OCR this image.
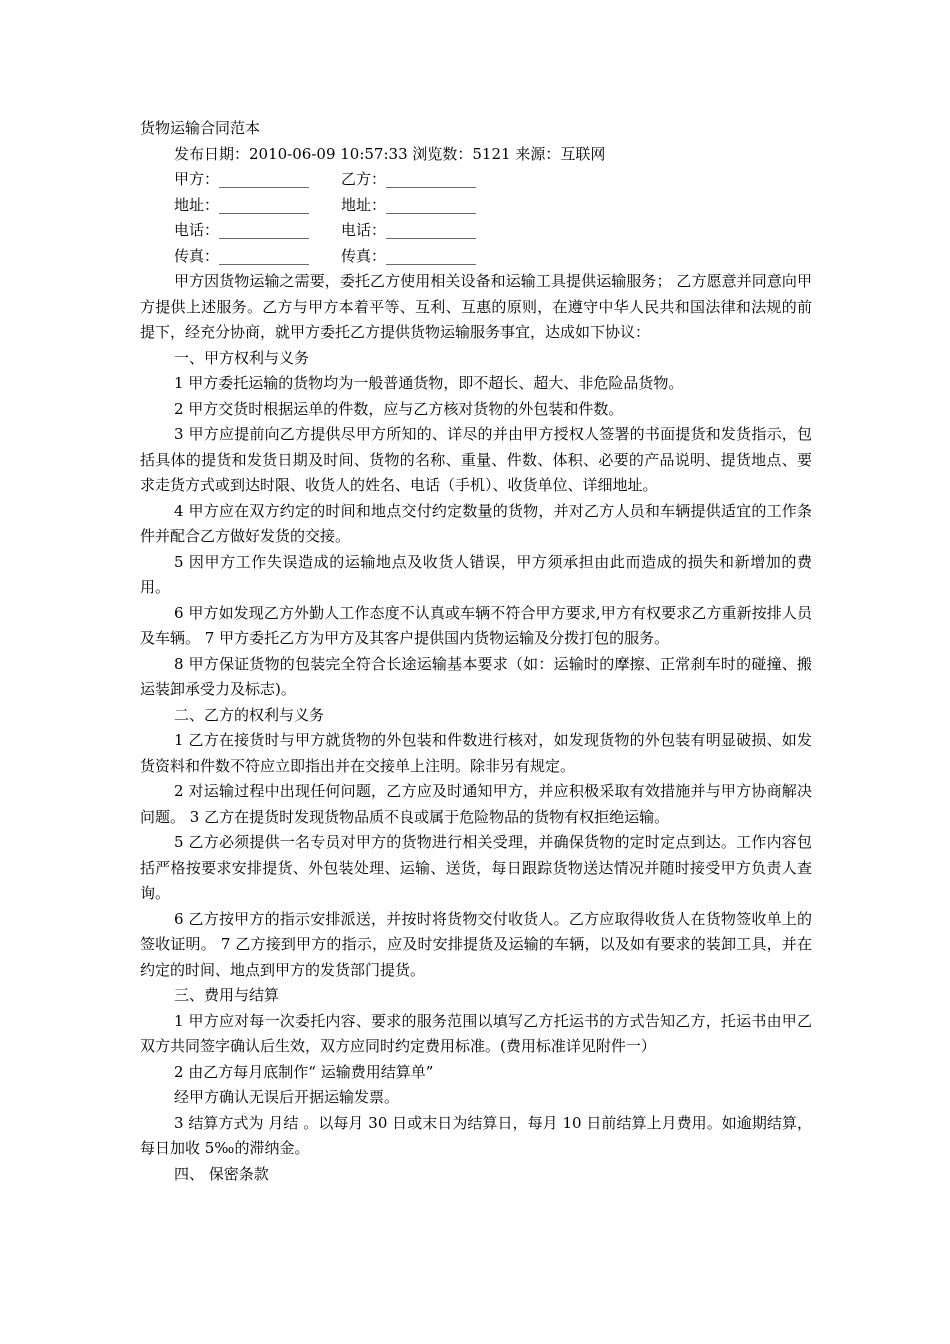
货物运输合同范本
发布日期：2010-06-09 10:57:33 浏览数：5121 来源：互联网
甲方：____________	乙方：____________
地址：____________	地址：____________
电话：____________	电话：____________
传真：____________	传真：____________

甲方因货物运输之需要，委托乙方使用相关设备和运输工具提供运输服务； 乙方愿意并同意向甲方提供上述服务。乙方与甲方本着平等、互利、互惠的原则，在遵守中华人民共和国法律和法规的前提下，经充分协商，就甲方委托乙方提供货物运输服务事宜，达成如下协议：

一、甲方权利与义务

1 甲方委托运输的货物均为一般普通货物，即不超长、超大、非危险品货物。

2 甲方交货时根据运单的件数，应与乙方核对货物的外包装和件数。

3 甲方应提前向乙方提供尽甲方所知的、详尽的并由甲方授权人签署的书面提货和发货指示，包括具体的提货和发货日期及时间、货物的名称、重量、件数、体积、必要的产品说明、提货地点、要求走货方式或到达时限、收货人的姓名、电话（手机）、收货单位、详细地址。

4 甲方应在双方约定的时间和地点交付约定数量的货物，并对乙方人员和车辆提供适宜的工作条件并配合乙方做好发货的交接。

5 因甲方工作失误造成的运输地点及收货人错误，甲方须承担由此而造成的损失和新增加的费用。

6 甲方如发现乙方外勤人工作态度不认真或车辆不符合甲方要求,甲方有权要求乙方重新按排人员及车辆。 7 甲方委托乙方为甲方及其客户提供国内货物运输及分拨打包的服务。

8 甲方保证货物的包装完全符合长途运输基本要求（如：运输时的摩擦、正常刹车时的碰撞、搬运装卸承受力及标志)。

二、乙方的权利与义务

1 乙方在接货时与甲方就货物的外包装和件数进行核对，如发现货物的外包装有明显破损、如发货资料和件数不符应立即指出并在交接单上注明。除非另有规定。

2 对运输过程中出现任何问题，乙方应及时通知甲方，并应积极采取有效措施并与甲方协商解决问题。 3 乙方在提货时发现货物品质不良或属于危险物品的货物有权拒绝运输。

5 乙方必须提供一名专员对甲方的货物进行相关受理，并确保货物的定时定点到达。工作内容包括严格按要求安排提货、外包装处理、运输、送货，每日跟踪货物送达情况并随时接受甲方负责人查询。

6 乙方按甲方的指示安排派送，并按时将货物交付收货人。乙方应取得收货人在货物签收单上的签收证明。 7 乙方接到甲方的指示，应及时安排提货及运输的车辆，以及如有要求的装卸工具，并在约定的时间、地点到甲方的发货部门提货。

三、费用与结算

1 甲方应对每一次委托内容、要求的服务范围以填写乙方托运书的方式告知乙方，托运书由甲乙双方共同签字确认后生效，双方应同时约定费用标准。(费用标准详见附件一）

2 由乙方每月底制作“ 运输费用结算单”

经甲方确认无误后开据运输发票。

3 结算方式为 月结 。以每月 30 日或末日为结算日，每月 10 日前结算上月费用。如逾期结算，每日加收 5‰的滞纳金。

四、 保密条款
